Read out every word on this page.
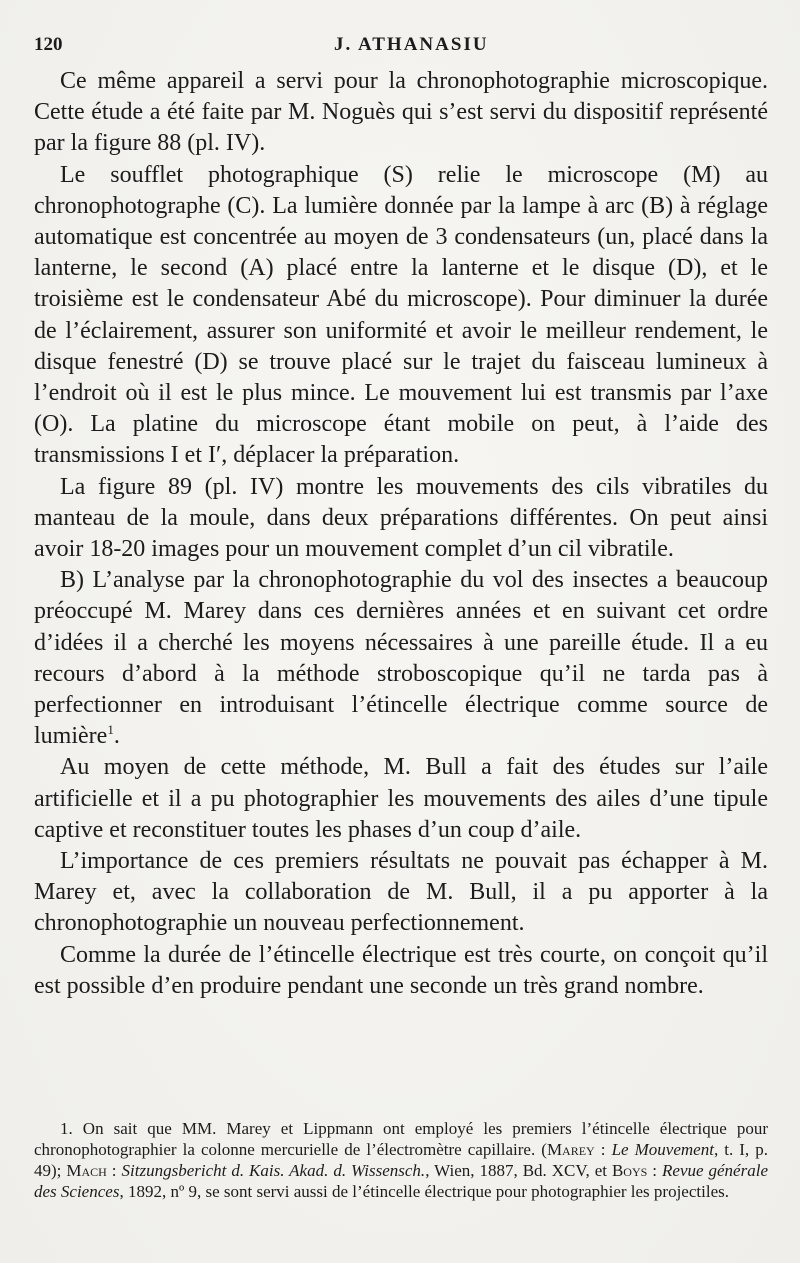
120	J. ATHANASIU

Ce même appareil a servi pour la chronophotographie microscopique. Cette étude a été faite par M. Noguès qui s’est servi du dispositif représenté par la figure 88 (pl. IV).

Le soufflet photographique (S) relie le microscope (M) au chronophotographe (C). La lumière donnée par la lampe à arc (B) à réglage automatique est concentrée au moyen de 3 condensateurs (un, placé dans la lanterne, le second (A) placé entre la lanterne et le disque (D), et le troisième est le condensateur Abé du microscope). Pour diminuer la durée de l’éclairement, assurer son uniformité et avoir le meilleur rendement, le disque fenestré (D) se trouve placé sur le trajet du faisceau lumineux à l’endroit où il est le plus mince. Le mouvement lui est transmis par l’axe (O). La platine du microscope étant mobile on peut, à l’aide des transmissions I et I′, déplacer la préparation.

La figure 89 (pl. IV) montre les mouvements des cils vibratiles du manteau de la moule, dans deux préparations différentes. On peut ainsi avoir 18-20 images pour un mouvement complet d’un cil vibratile.

B) L’analyse par la chronophotographie du vol des insectes a beaucoup préoccupé M. Marey dans ces dernières années et en suivant cet ordre d’idées il a cherché les moyens nécessaires à une pareille étude. Il a eu recours d’abord à la méthode stroboscopique qu’il ne tarda pas à perfectionner en introduisant l’étincelle électrique comme source de lumière$^1$.

Au moyen de cette méthode, M. Bull a fait des études sur l’aile artificielle et il a pu photographier les mouvements des ailes d’une tipule captive et reconstituer toutes les phases d’un coup d’aile.

L’importance de ces premiers résultats ne pouvait pas échapper à M. Marey et, avec la collaboration de M. Bull, il a pu apporter à la chronophotographie un nouveau perfectionnement.

Comme la durée de l’étincelle électrique est très courte, on conçoit qu’il est possible d’en produire pendant une seconde un très grand nombre.

1. On sait que MM. Marey et Lippmann ont employé les premiers l’étincelle électrique pour chronophotographier la colonne mercurielle de l’électromètre capillaire. (Marey : Le Mouvement, t. I, p. 49); Mach : Sitzungsbericht d. Kais. Akad. d. Wissensch., Wien, 1887, Bd. XCV, et Boys : Revue générale des Sciences, 1892, nº 9, se sont servi aussi de l’étincelle électrique pour photographier les projectiles.
